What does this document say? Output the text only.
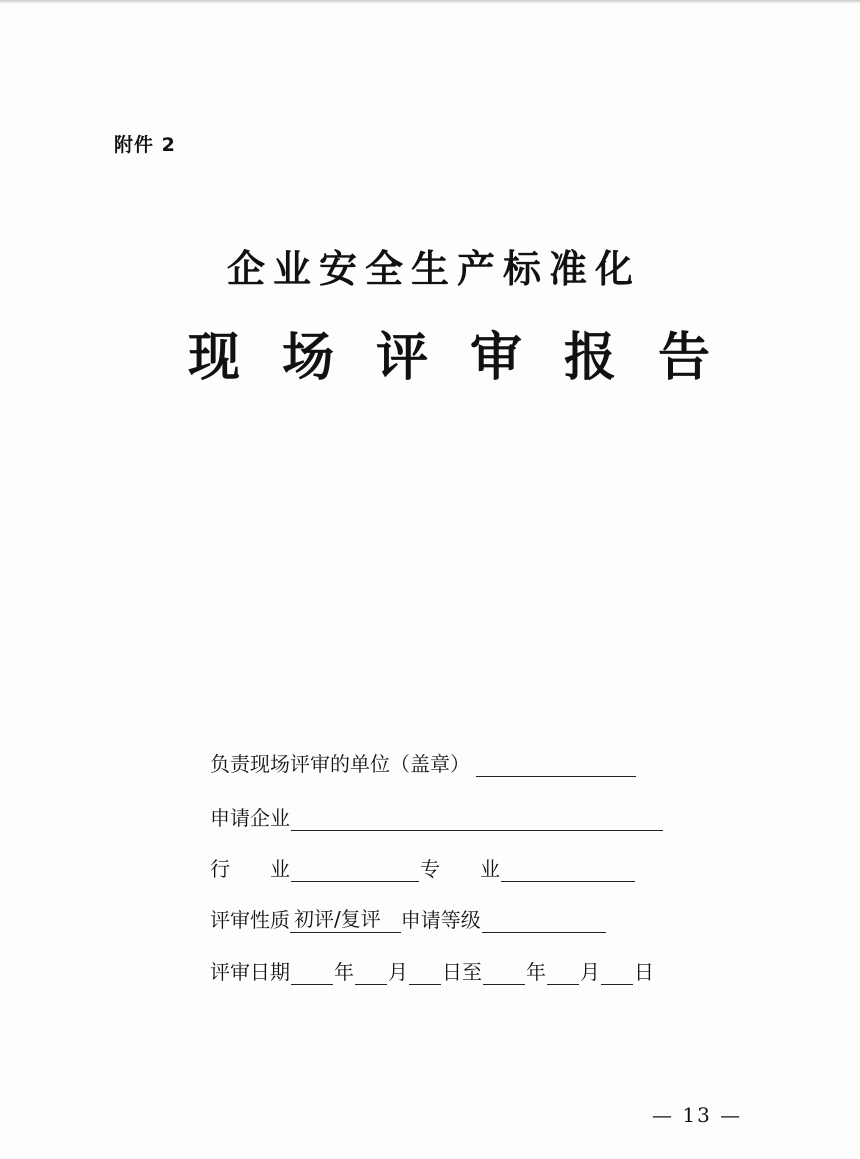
附件 2
企业安全生产标准化
现场评审报告
负责现场评审的单位（盖章）
申请企业
行　　业	专　　业
评审性质 初评/复评	申请等级
评审日期 年 月 日至 年 月 日
— 13 —
